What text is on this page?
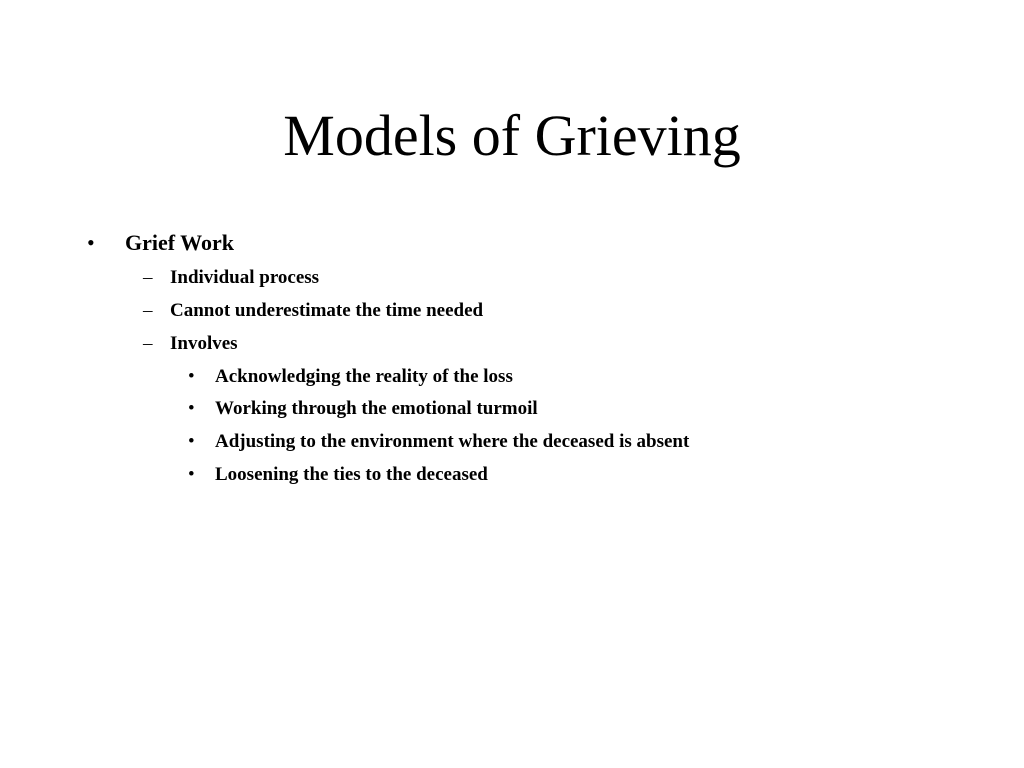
Models of Grieving
• Grief Work
– Individual process
– Cannot underestimate the time needed
– Involves
• Acknowledging the reality of the loss
• Working through the emotional turmoil
• Adjusting to the environment where the deceased is absent
• Loosening the ties to the deceased
